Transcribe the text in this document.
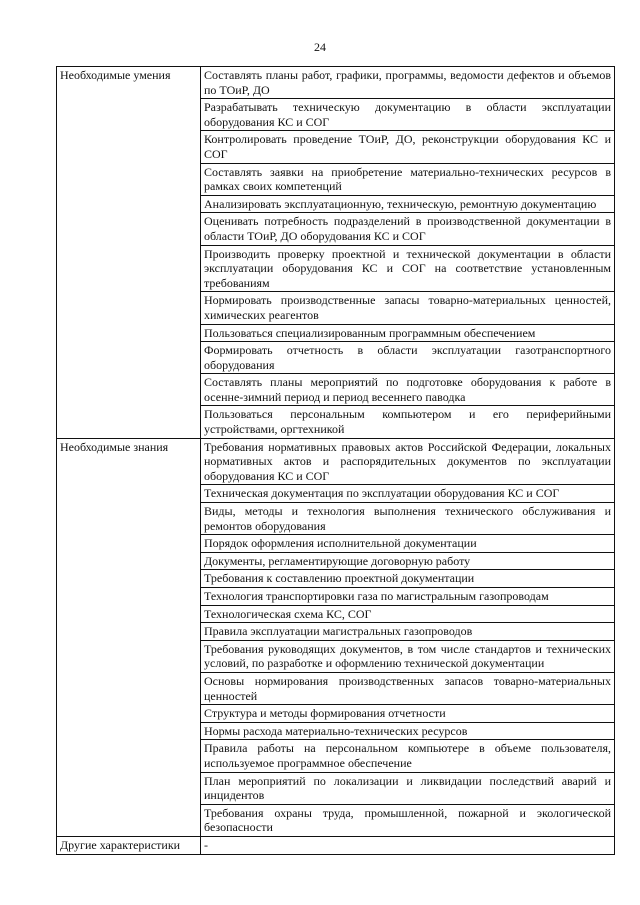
24
Необходимые умения	Составлять планы работ, графики, программы, ведомости дефектов и объемов по ТОиР, ДО
	Разрабатывать техническую документацию в области эксплуатации оборудования КС и СОГ
	Контролировать проведение ТОиР, ДО, реконструкции оборудования КС и СОГ
	Составлять заявки на приобретение материально-технических ресурсов в рамках своих компетенций
	Анализировать эксплуатационную, техническую, ремонтную документацию
	Оценивать потребность подразделений в производственной документации в области ТОиР, ДО оборудования КС и СОГ
	Производить проверку проектной и технической документации в области эксплуатации оборудования КС и СОГ на соответствие установленным требованиям
	Нормировать производственные запасы товарно-материальных ценностей, химических реагентов
	Пользоваться специализированным программным обеспечением
	Формировать отчетность в области эксплуатации газотранспортного оборудования
	Составлять планы мероприятий по подготовке оборудования к работе в осенне-зимний период и период весеннего паводка
	Пользоваться персональным компьютером и его периферийными устройствами, оргтехникой
Необходимые знания	Требования нормативных правовых актов Российской Федерации, локальных нормативных актов и распорядительных документов по эксплуатации оборудования КС и СОГ
	Техническая документация по эксплуатации оборудования КС и СОГ
	Виды, методы и технология выполнения технического обслуживания и ремонтов оборудования
	Порядок оформления исполнительной документации
	Документы, регламентирующие договорную работу
	Требования к составлению проектной документации
	Технология транспортировки газа по магистральным газопроводам
	Технологическая схема КС, СОГ
	Правила эксплуатации магистральных газопроводов
	Требования руководящих документов, в том числе стандартов и технических условий, по разработке и оформлению технической документации
	Основы нормирования производственных запасов товарно-материальных ценностей
	Структура и методы формирования отчетности
	Нормы расхода материально-технических ресурсов
	Правила работы на персональном компьютере в объеме пользователя, используемое программное обеспечение
	План мероприятий по локализации и ликвидации последствий аварий и инцидентов
	Требования охраны труда, промышленной, пожарной и экологической безопасности
Другие характеристики	-
